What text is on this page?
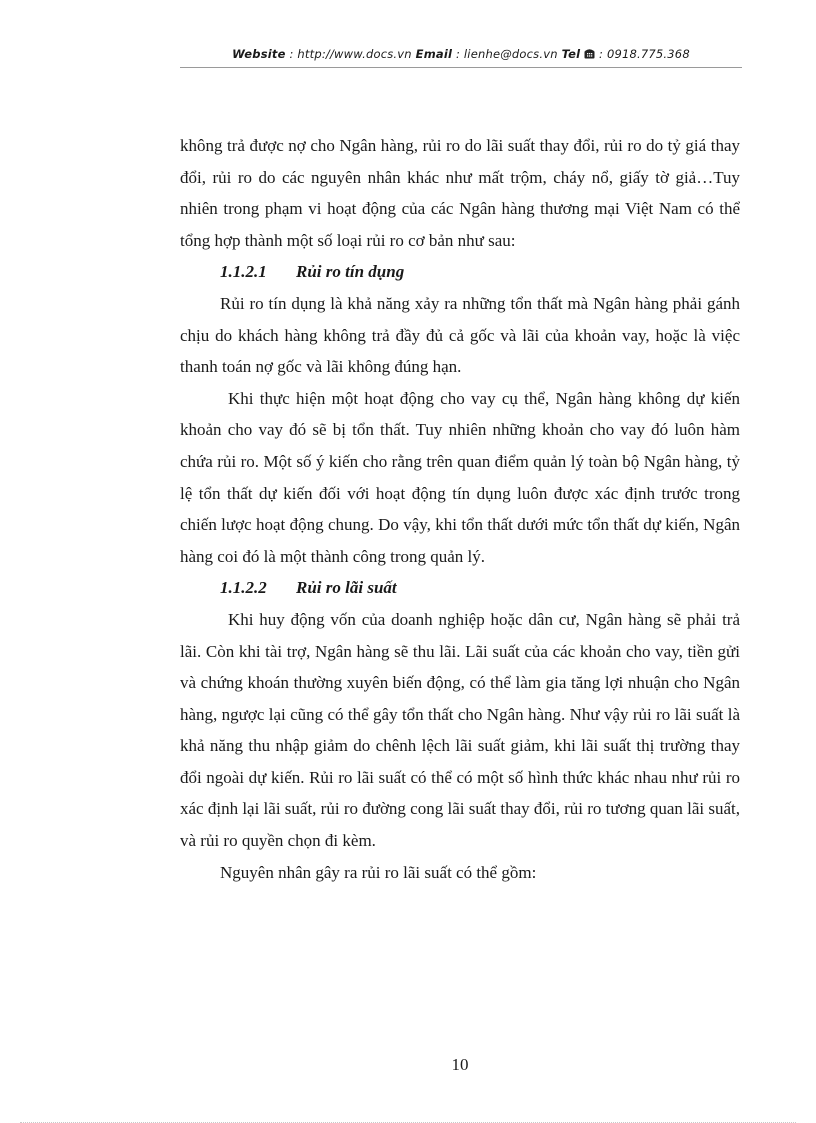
Website : http://www.docs.vn Email : lienhe@docs.vn Tel  : 0918.775.368

không trả được nợ cho Ngân hàng, rủi ro do lãi suất thay đổi, rủi ro do tỷ giá thay đổi, rủi ro do các nguyên nhân khác như mất trộm, cháy nổ, giấy tờ giả…Tuy nhiên trong phạm vi hoạt động của các Ngân hàng thương mại Việt Nam có thể tổng hợp thành một số loại rủi ro cơ bản như sau:

1.1.2.1 Rủi ro tín dụng

Rủi ro tín dụng là khả năng xảy ra những tổn thất mà Ngân hàng phải gánh chịu do khách hàng không trả đầy đủ cả gốc và lãi của khoản vay, hoặc là việc thanh toán nợ gốc và lãi không đúng hạn.

Khi thực hiện một hoạt động cho vay cụ thể, Ngân hàng không dự kiến khoản cho vay đó sẽ bị tổn thất. Tuy nhiên những khoản cho vay đó luôn hàm chứa rủi ro. Một số ý kiến cho rằng trên quan điểm quản lý toàn bộ Ngân hàng, tỷ lệ tổn thất dự kiến đối với hoạt động tín dụng luôn được xác định trước trong chiến lược hoạt động chung. Do vậy, khi tổn thất dưới mức tổn thất dự kiến, Ngân hàng coi đó là một thành công trong quản lý.

1.1.2.2 Rủi ro lãi suất

Khi huy động vốn của doanh nghiệp hoặc dân cư, Ngân hàng sẽ phải trả lãi. Còn khi tài trợ, Ngân hàng sẽ thu lãi. Lãi suất của các khoản cho vay, tiền gửi và chứng khoán thường xuyên biến động, có thể làm gia tăng lợi nhuận cho Ngân hàng, ngược lại cũng có thể gây tổn thất cho Ngân hàng. Như vậy rủi ro lãi suất là khả năng thu nhập giảm do chênh lệch lãi suất giảm, khi lãi suất thị trường thay đổi ngoài dự kiến. Rủi ro lãi suất có thể có một số hình thức khác nhau như rủi ro xác định lại lãi suất, rủi ro đường cong lãi suất thay đổi, rủi ro tương quan lãi suất, và rủi ro quyền chọn đi kèm.

Nguyên nhân gây ra rủi ro lãi suất có thể gồm:

10
